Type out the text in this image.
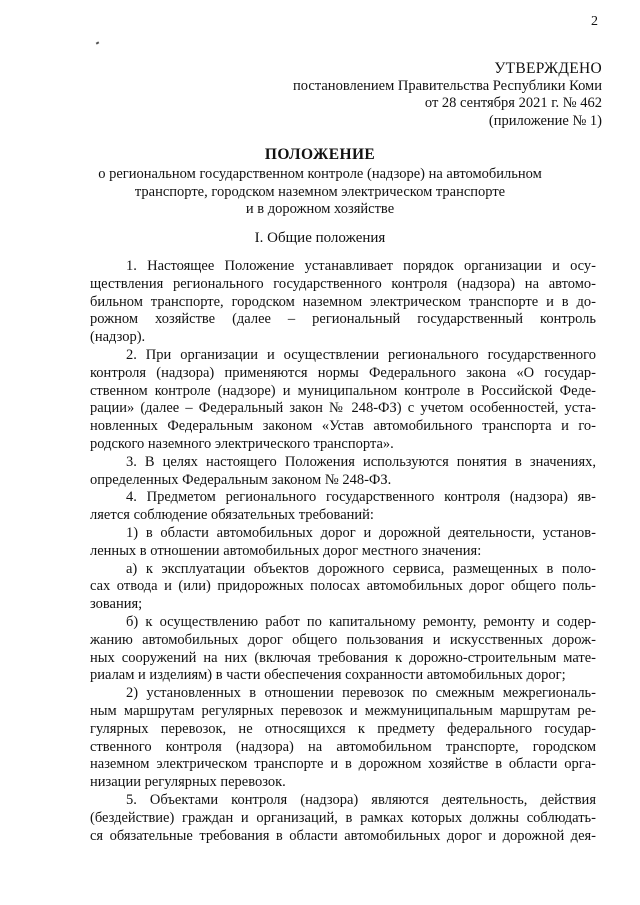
2
УТВЕРЖДЕНО
постановлением Правительства Республики Коми
от 28 сентября 2021 г. № 462
(приложение № 1)
ПОЛОЖЕНИЕ
о региональном государственном контроле (надзоре) на автомобильном
транспорте, городском наземном электрическом транспорте
и в дорожном хозяйстве
I. Общие положения
1. Настоящее Положение устанавливает порядок организации и осу-
ществления регионального государственного контроля (надзора) на автомо-
бильном транспорте, городском наземном электрическом транспорте и в до-
рожном хозяйстве (далее – региональный государственный контроль
(надзор).
2. При организации и осуществлении регионального государственного
контроля (надзора) применяются нормы Федерального закона «О государ-
ственном контроле (надзоре) и муниципальном контроле в Российской Феде-
рации» (далее – Федеральный закон № 248-ФЗ) с учетом особенностей, уста-
новленных Федеральным законом «Устав автомобильного транспорта и го-
родского наземного электрического транспорта».
3. В целях настоящего Положения используются понятия в значениях,
определенных Федеральным законом № 248-ФЗ.
4. Предметом регионального государственного контроля (надзора) яв-
ляется соблюдение обязательных требований:
1) в области автомобильных дорог и дорожной деятельности, установ-
ленных в отношении автомобильных дорог местного значения:
а) к эксплуатации объектов дорожного сервиса, размещенных в поло-
сах отвода и (или) придорожных полосах автомобильных дорог общего поль-
зования;
б) к осуществлению работ по капитальному ремонту, ремонту и содер-
жанию автомобильных дорог общего пользования и искусственных дорож-
ных сооружений на них (включая требования к дорожно-строительным мате-
риалам и изделиям) в части обеспечения сохранности автомобильных дорог;
2) установленных в отношении перевозок по смежным межрегиональ-
ным маршрутам регулярных перевозок и межмуниципальным маршрутам ре-
гулярных перевозок, не относящихся к предмету федерального государ-
ственного контроля (надзора) на автомобильном транспорте, городском
наземном электрическом транспорте и в дорожном хозяйстве в области орга-
низации регулярных перевозок.
5. Объектами контроля (надзора) являются деятельность, действия
(бездействие) граждан и организаций, в рамках которых должны соблюдать-
ся обязательные требования в области автомобильных дорог и дорожной дея-
